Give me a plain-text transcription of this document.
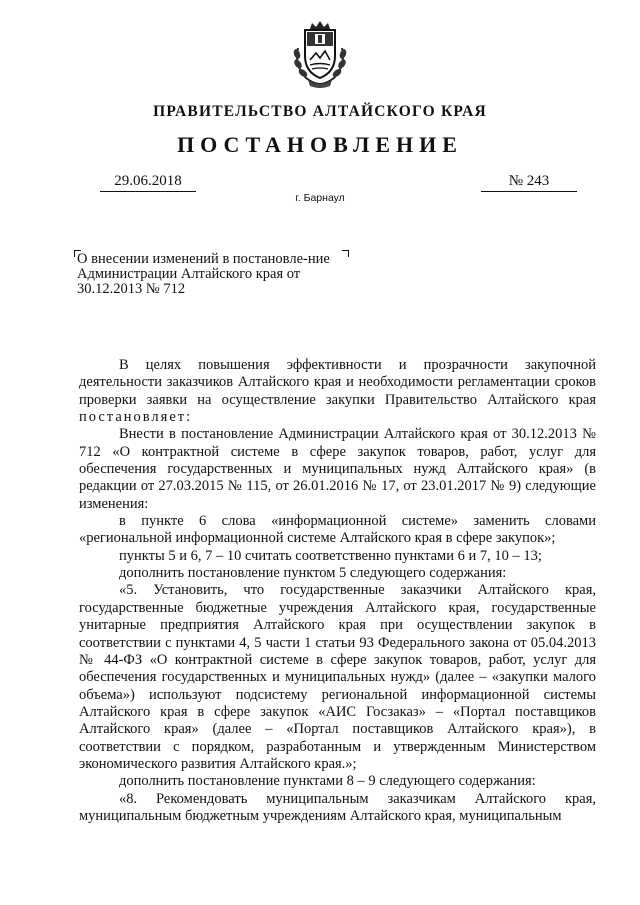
ПРАВИТЕЛЬСТВО АЛТАЙСКОГО КРАЯ
ПОСТАНОВЛЕНИЕ
29.06.2018	№ 243
г. Барнаул
О внесении изменений в постановле-ние Администрации Алтайского края от 30.12.2013 № 712

В целях повышения эффективности и прозрачности закупочной деятельности заказчиков Алтайского края и необходимости регламентации сроков проверки заявки на осуществление закупки Правительство Алтайского края постановляет:

Внести в постановление Администрации Алтайского края от 30.12.2013 № 712 «О контрактной системе в сфере закупок товаров, работ, услуг для обеспечения государственных и муниципальных нужд Алтайского края» (в редакции от 27.03.2015 № 115, от 26.01.2016 № 17, от 23.01.2017 № 9) следующие изменения:

в пункте 6 слова «информационной системе» заменить словами «региональной информационной системе Алтайского края в сфере закупок»;

пункты 5 и 6, 7 – 10 считать соответственно пунктами 6 и 7, 10 – 13;

дополнить постановление пунктом 5 следующего содержания:

«5. Установить, что государственные заказчики Алтайского края, государственные бюджетные учреждения Алтайского края, государственные унитарные предприятия Алтайского края при осуществлении закупок в соответствии с пунктами 4, 5 части 1 статьи 93 Федерального закона от 05.04.2013 № 44-ФЗ «О контрактной системе в сфере закупок товаров, работ, услуг для обеспечения государственных и муниципальных нужд» (далее – «закупки малого объема») используют подсистему региональной информационной системы Алтайского края в сфере закупок «АИС Госзаказ» – «Портал поставщиков Алтайского края» (далее – «Портал поставщиков Алтайского края»), в соответствии с порядком, разработанным и утвержденным Министерством экономического развития Алтайского края.»;

дополнить постановление пунктами 8 – 9 следующего содержания:

«8. Рекомендовать муниципальным заказчикам Алтайского края, муниципальным бюджетным учреждениям Алтайского края, муниципальным
